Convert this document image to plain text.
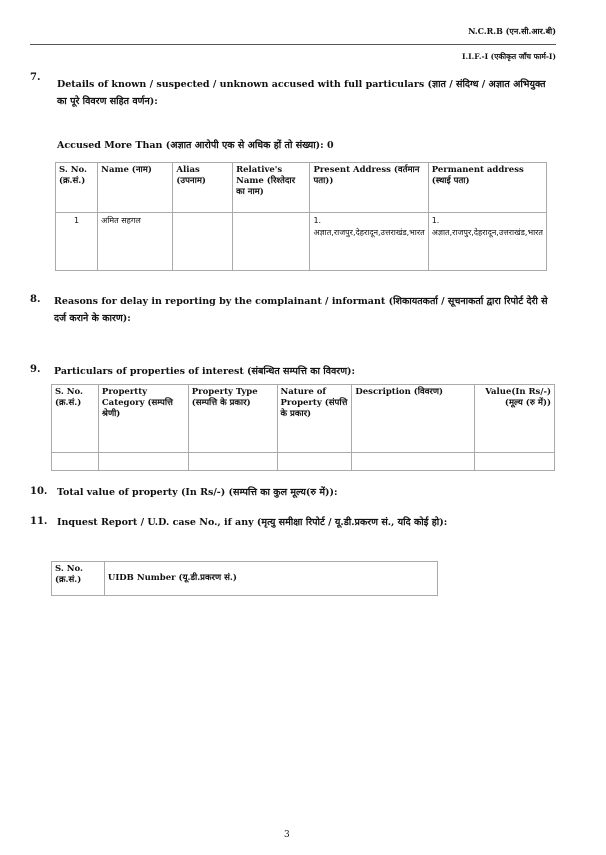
N.C.R.B (एन.सी.आर.बी)
I.I.F.-I (एकीकृत जाँच फार्म-I)
7.
Details of known / suspected / unknown accused with full particulars (ज्ञात / संदिग्ध / अज्ञात अभियुक्त का पूरे विवरण सहित वर्णन):
Accused More Than (अज्ञात आरोपी एक से अधिक हों तो संख्या): 0
S. No. (क्र.सं.)	Name (नाम)	Alias (उपनाम)	Relative's Name (रिश्तेदार का नाम)	Present Address (वर्तमान पता))	Permanent address (स्थाई पता)
1	अमित सहगल			1. अज्ञात,राजपुर,देहरादून,उत्तराखंड,भारत	1. अज्ञात,राजपुर,देहरादून,उत्तराखंड,भारत
8. Reasons for delay in reporting by the complainant / informant (शिकायतकर्ता / सूचनाकर्ता द्वारा रिपोर्ट देरी से दर्ज कराने के कारण):
9. Particulars of properties of interest (संबन्धित सम्पत्ति का विवरण):
S. No. (क्र.सं.)	Propertty Category (सम्पत्ति श्रेणी)	Property Type (सम्पत्ति के प्रकार)	Nature of Property (संपत्ति के प्रकार)	Description (विवरण)	Value(In Rs/-) (मूल्य (रु में))

10. Total value of property (In Rs/-) (सम्पत्ति का कुल मूल्य(रु में)):
11. Inquest Report / U.D. case No., if any (मृत्यु समीक्षा रिपोर्ट / यू.डी.प्रकरण सं., यदि कोई हो):
S. No. (क्र.सं.)	UIDB Number (यू.डी.प्रकरण सं.)
3
